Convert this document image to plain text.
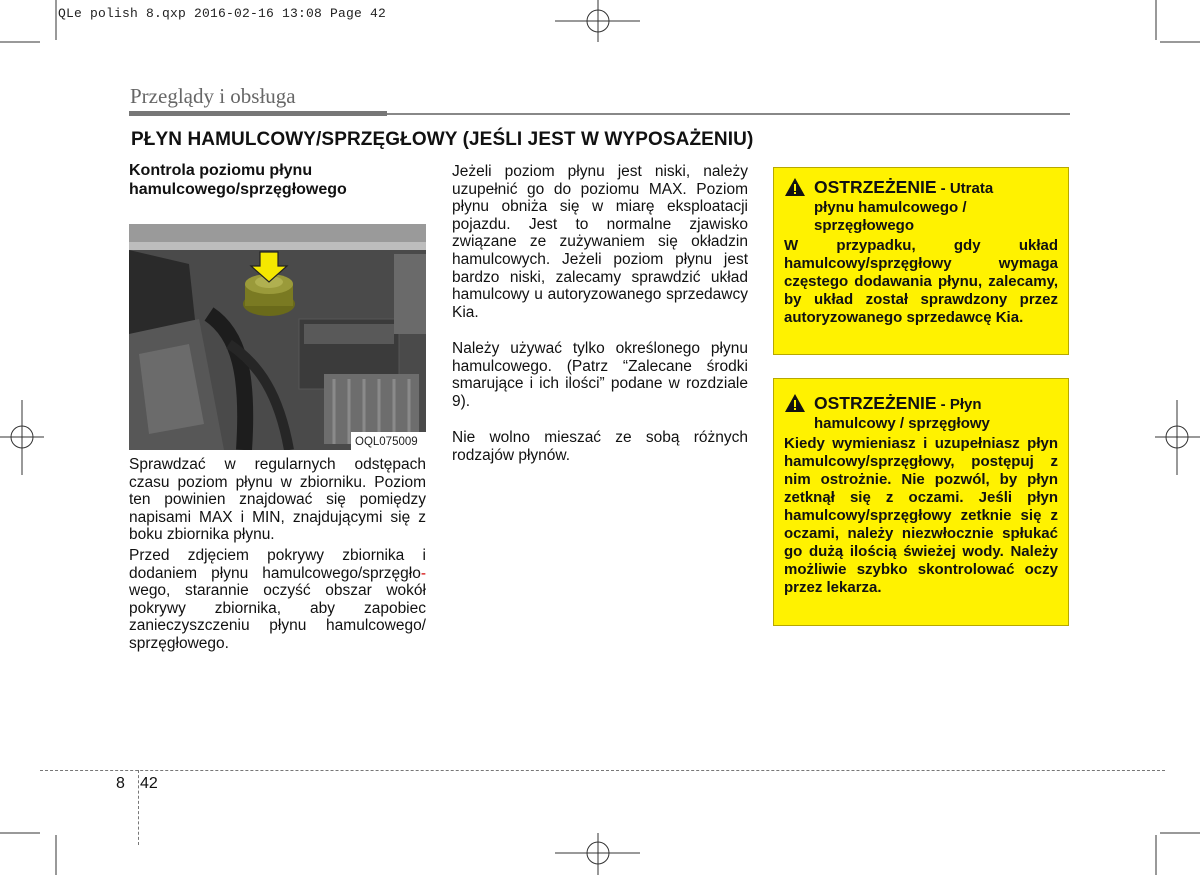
QLe polish 8.qxp 2016-02-16 13:08 Page 42
Przeglądy i obsługa
PŁYN HAMULCOWY/SPRZĘGŁOWY (JEŚLI JEST W WYPOSAŻENIU)
Kontrola poziomu płynu hamulcowego/sprzęgłowego
OQL075009
Sprawdzać w regularnych odstępach czasu poziom płynu w zbiorniku. Poziom ten powinien znajdować się pomiędzy napisami MAX i MIN, znajdującymi się z boku zbiornika płynu.
Przed zdjęciem pokrywy zbiornika i dodaniem płynu hamulcowego/sprzęgło- wego, starannie oczyść obszar wokół pokrywy zbiornika, aby zapobiec zanieczyszczeniu płynu hamulcowego/ sprzęgłowego.
Jeżeli poziom płynu jest niski, należy uzupełnić go do poziomu MAX. Poziom płynu obniża się w miarę eksploatacji pojazdu. Jest to normalne zjawisko związane ze zużywaniem się okładzin hamulcowych. Jeżeli poziom płynu jest bardzo niski, zalecamy sprawdzić układ hamulcowy u autoryzowanego sprzedawcy Kia.
Należy używać tylko określonego płynu hamulcowego. (Patrz “Zalecane środki smarujące i ich ilości” podane w rozdziale 9).
Nie wolno mieszać ze sobą różnych rodzajów płynów.
OSTRZEŻENIE - Utrata
płynu hamulcowego / sprzęgłowego
W przypadku, gdy układ hamulcowy/sprzęgłowy wymaga częstego dodawania płynu, zalecamy, by układ został sprawdzony przez autoryzowanego sprzedawcę Kia.
OSTRZEŻENIE - Płyn
hamulcowy / sprzęgłowy
Kiedy wymieniasz i uzupełniasz płyn hamulcowy/sprzęgłowy, postępuj z nim ostrożnie. Nie pozwól, by płyn zetknął się z oczami. Jeśli płyn hamulcowy/sprzęgłowy zetknie się z oczami, należy niezwłocznie spłukać go dużą ilością świeżej wody. Należy możliwie szybko skontrolować oczy przez lekarza.
8 42
